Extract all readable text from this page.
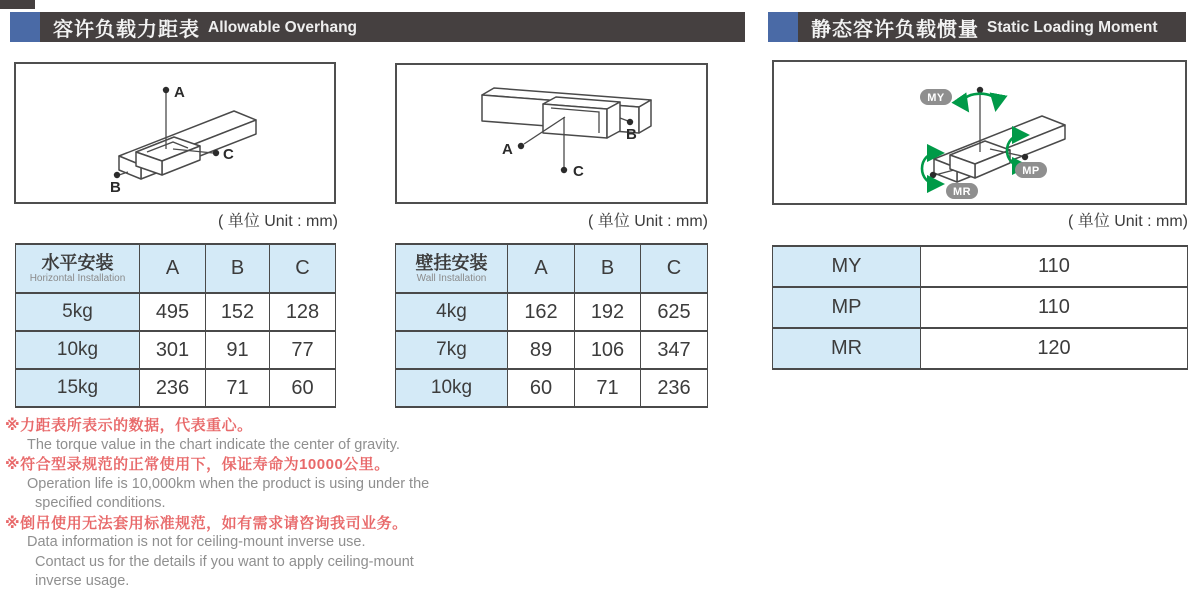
容许负载力距表 Allowable Overhang	静态容许负载惯量 Static Loading Moment
A
C
B
B
A
C
MY
MP
MR
( 单位 Unit : mm)	( 单位 Unit : mm)	( 单位 Unit : mm)
水平安装
Horizontal Installation	A	B	C
5kg	495	152	128
10kg	301	91	77
15kg	236	71	60
壁挂安装
Wall Installation	A	B	C
4kg	162	192	625
7kg	89	106	347
10kg	60	71	236
MY	110
MP	110
MR	120
※力距表所表示的数据，代表重心。
The torque value in the chart indicate the center of gravity.
※符合型录规范的正常使用下，保证寿命为10000公里。
Operation life is 10,000km when the product is using under the
specified conditions.
※倒吊使用无法套用标准规范，如有需求请咨询我司业务。
Data information is not for ceiling-mount inverse use.
Contact us for the details if you want to apply ceiling-mount
inverse usage.
